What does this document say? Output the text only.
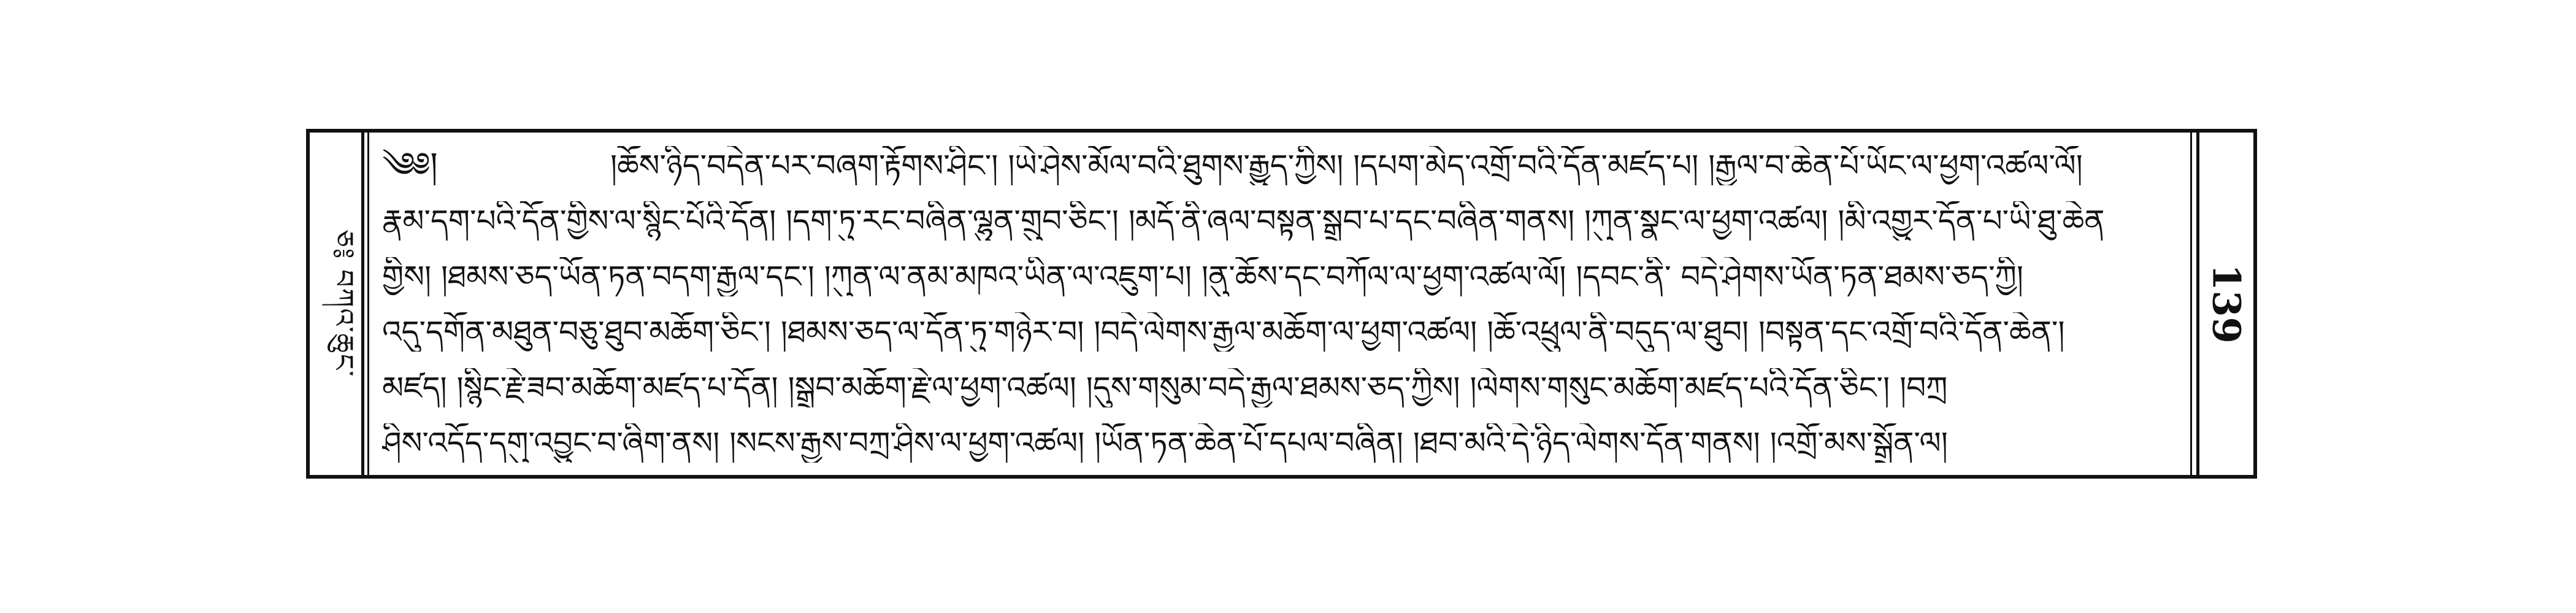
ཅ༔ བཀའ་ཆུང་
༄༅།	།ཆོས་ཉིད་བདེན་པར་བཞག་རྟོགས་ཤིང་། །ཡེ་ཤེས་མོལ་བའི་ཐུགས་རྒྱུད་ཀྱིས། །དཔག་མེད་འགྲོ་བའི་དོན་མཛད་པ། །རྒྱལ་བ་ཆེན་པོ་ཡོང་ལ་ཕྱག་འཚལ་ལོ།
རྣམ་དག་པའི་དོན་གྱིས་ལ་སྙིང་པོའི་དོན། །དག་ཏུ་རང་བཞིན་ལྷུན་གྲུབ་ཅིང་། །མདོ་ནི་ཞལ་བསྟན་སྒྲུབ་པ་དང་བཞིན་གནས། །ཀུན་སྣང་ལ་ཕྱག་འཚལ། །མི་འགྱུར་དོན་པ་ཡི་ཐུ་ཆེན
གྱིས། །ཐམས་ཅད་ཡོན་ཏན་བདག་རྒྱལ་དང་། །ཀུན་ལ་ནམ་མཁའ་ཡིན་ལ་འཇུག་པ། །ནུ་ཆོས་དང་བཀོལ་ལ་ཕྱག་འཚལ་ལོ། །དབང་ནི་ བདེ་ཤེགས་ཡོན་ཏན་ཐམས་ཅད་ཀྱི།
འདུ་དགོན་མཐུན་བཅུ་ཐུབ་མཆོག་ཅིང་། །ཐམས་ཅད་ལ་དོན་ཏུ་གཉེར་བ། །བདེ་ལེགས་རྒྱལ་མཆོག་ལ་ཕྱག་འཚལ། །ཆོ་འཕྲུལ་ནི་བདུད་ལ་ཐུབ། །བསྟན་དང་འགྲོ་བའི་དོན་ཆེན་།
མཛད། །སྙིང་རྗེ་ཟབ་མཆོག་མཛད་པ་དོན། །སྒྲུབ་མཆོག་རྗེ་ལ་ཕྱག་འཚལ། །དུས་གསུམ་བདེ་རྒྱལ་ཐམས་ཅད་ཀྱིས། །ལེགས་གསུང་མཆོག་མཛད་པའི་དོན་ཅིང་། །བཀྲ
ཤིས་འདོད་དགུ་འབྱུང་བ་ཞིག་ནས། །སངས་རྒྱས་བཀྲ་ཤིས་ལ་ཕྱག་འཚལ། །ཡོན་ཏན་ཆེན་པོ་དཔལ་བཞིན། །ཐབ་མའི་དེ་ཉིད་ལེགས་དོན་གནས། །འགྲོ་མས་སྒྲོན་ལ།
139
